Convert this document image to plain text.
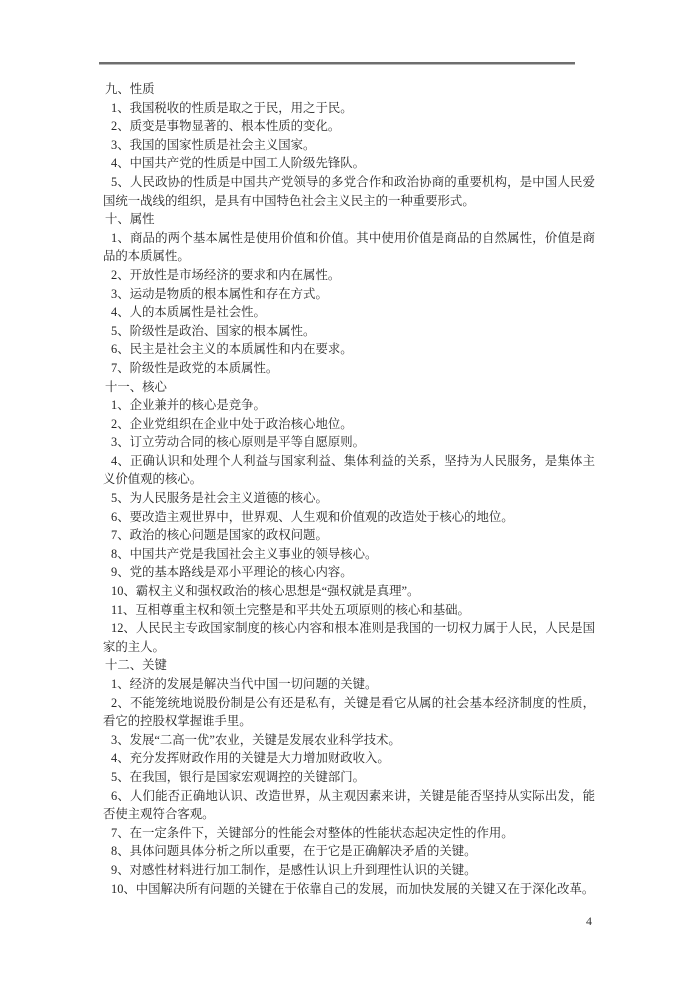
九、性质

1、我国税收的性质是取之于民，用之于民。

2、质变是事物显著的、根本性质的变化。

3、我国的国家性质是社会主义国家。

4、中国共产党的性质是中国工人阶级先锋队。

5、人民政协的性质是中国共产党领导的多党合作和政治协商的重要机构，是中国人民爱国统一战线的组织，是具有中国特色社会主义民主的一种重要形式。

十、属性

1、商品的两个基本属性是使用价值和价值。其中使用价值是商品的自然属性，价值是商品的本质属性。

2、开放性是市场经济的要求和内在属性。

3、运动是物质的根本属性和存在方式。

4、人的本质属性是社会性。

5、阶级性是政治、国家的根本属性。

6、民主是社会主义的本质属性和内在要求。

7、阶级性是政党的本质属性。

十一、核心

1、企业兼并的核心是竞争。

2、企业党组织在企业中处于政治核心地位。

3、订立劳动合同的核心原则是平等自愿原则。

4、正确认识和处理个人利益与国家利益、集体利益的关系，坚持为人民服务，是集体主义价值观的核心。

5、为人民服务是社会主义道德的核心。

6、要改造主观世界中，世界观、人生观和价值观的改造处于核心的地位。

7、政治的核心问题是国家的政权问题。

8、中国共产党是我国社会主义事业的领导核心。

9、党的基本路线是邓小平理论的核心内容。

10、霸权主义和强权政治的核心思想是“强权就是真理”。

11、互相尊重主权和领土完整是和平共处五项原则的核心和基础。

12、人民民主专政国家制度的核心内容和根本准则是我国的一切权力属于人民，人民是国家的主人。

十二、关键

1、经济的发展是解决当代中国一切问题的关键。

2、不能笼统地说股份制是公有还是私有，关键是看它从属的社会基本经济制度的性质，看它的控股权掌握谁手里。

3、发展“二高一优”农业，关键是发展农业科学技术。

4、充分发挥财政作用的关键是大力增加财政收入。

5、在我国，银行是国家宏观调控的关键部门。

6、人们能否正确地认识、改造世界，从主观因素来讲，关键是能否坚持从实际出发，能否使主观符合客观。

7、在一定条件下，关键部分的性能会对整体的性能状态起决定性的作用。

8、具体问题具体分析之所以重要，在于它是正确解决矛盾的关键。

9、对感性材料进行加工制作，是感性认识上升到理性认识的关键。

10、中国解决所有问题的关键在于依靠自己的发展，而加快发展的关键又在于深化改革。

4
